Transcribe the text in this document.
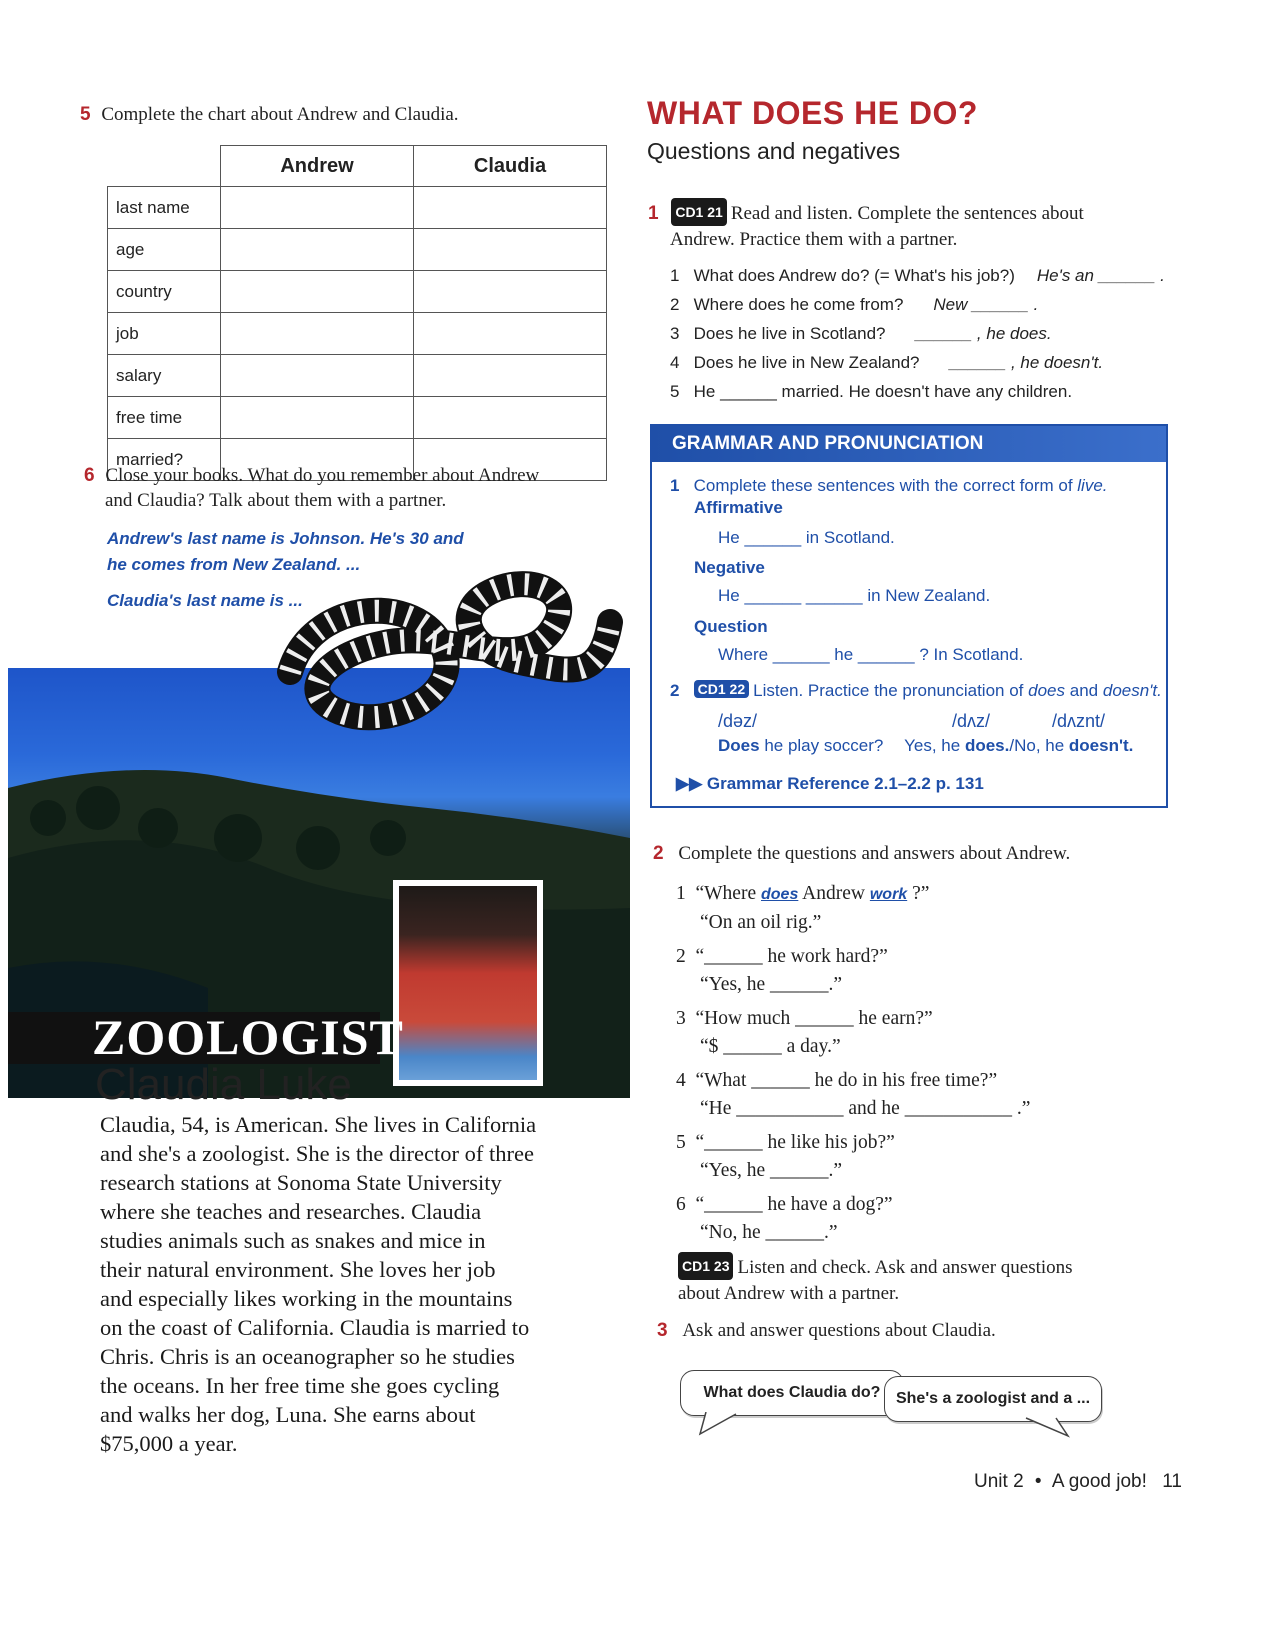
5 Complete the chart about Andrew and Claudia.
	Andrew	Claudia
last name		
age		
country		
job		
salary		
free time		
married?		
6 Close your books. What do you remember about Andrew
and Claudia? Talk about them with a partner.
Andrew's last name is Johnson. He's 30 and
he comes from New Zealand. ...
Claudia's last name is ...
ZOOLOGIST
Claudia Luke
Claudia, 54, is American. She lives in California
and she's a zoologist. She is the director of three
research stations at Sonoma State University
where she teaches and researches. Claudia
studies animals such as snakes and mice in
their natural environment. She loves her job
and especially likes working in the mountains
on the coast of California. Claudia is married to
Chris. Chris is an oceanographer so he studies
the oceans. In her free time she goes cycling
and walks her dog, Luna. She earns about
$75,000 a year.
WHAT DOES HE DO?
Questions and negatives
1 CD1 21 Read and listen. Complete the sentences about
Andrew. Practice them with a partner.
1 What does Andrew do? (= What's his job?) He's an ______ .
2 Where does he come from? New ______ .
3 Does he live in Scotland? ______ , he does.
4 Does he live in New Zealand? ______ , he doesn't.
5 He ______ married. He doesn't have any children.
GRAMMAR AND PRONUNCIATION
1 Complete these sentences with the correct form of live.
Affirmative
He ______ in Scotland.
Negative
He ______ ______ in New Zealand.
Question
Where ______ he ______ ? In Scotland.
2 CD1 22 Listen. Practice the pronunciation of does and doesn't.
/dəz/	/dʌz/	/dʌznt/
Does he play soccer? Yes, he does./No, he doesn't.
▶▶ Grammar Reference 2.1–2.2 p. 131
2 Complete the questions and answers about Andrew.
1 “Where does Andrew work ?”
“On an oil rig.”
2 “______ he work hard?”
“Yes, he ______.”
3 “How much ______ he earn?”
“$ ______ a day.”
4 “What ______ he do in his free time?”
“He ___________ and he ___________ .”
5 “______ he like his job?”
“Yes, he ______.”
6 “______ he have a dog?”
“No, he ______.”
CD1 23 Listen and check. Ask and answer questions
about Andrew with a partner.
3 Ask and answer questions about Claudia.
What does Claudia do? She's a zoologist and a ...
Unit 2 • A good job! 11
